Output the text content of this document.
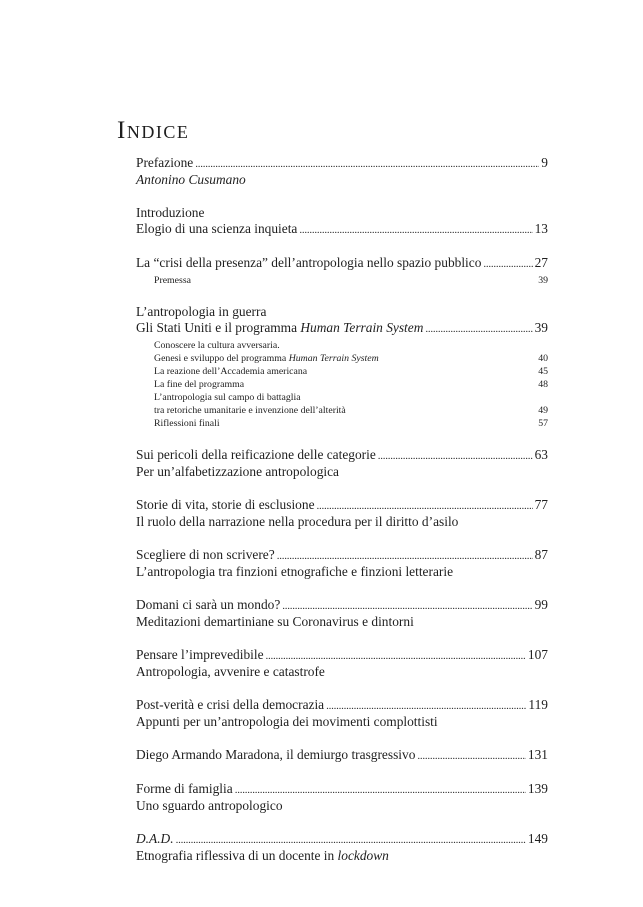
Indice
Prefazione . . .	9
Antonino Cusumano
Introduzione
Elogio di una scienza inquieta . . .	13
La “crisi della presenza” dell’antropologia nello spazio pubblico . . .	27
Premessa	39
L’antropologia in guerra
Gli Stati Uniti e il programma Human Terrain System . . .	39
Conoscere la cultura avversaria.
Genesi e sviluppo del programma Human Terrain System	40
La reazione dell’Accademia americana	45
La fine del programma	48
L’antropologia sul campo di battaglia
tra retoriche umanitarie e invenzione dell’alterità	49
Riflessioni finali	57
Sui pericoli della reificazione delle categorie . . .	63
Per un’alfabetizzazione antropologica
Storie di vita, storie di esclusione . . .	77
Il ruolo della narrazione nella procedura per il diritto d’asilo
Scegliere di non scrivere? . . .	87
L’antropologia tra finzioni etnografiche e finzioni letterarie
Domani ci sarà un mondo? . . .	99
Meditazioni demartiniane su Coronavirus e dintorni
Pensare l’imprevedibile . . .	107
Antropologia, avvenire e catastrofe
Post-verità e crisi della democrazia . . .	119
Appunti per un’antropologia dei movimenti complottisti
Diego Armando Maradona, il demiurgo trasgressivo . . .	131
Forme di famiglia . . .	139
Uno sguardo antropologico
D.A.D. . . .	149
Etnografia riflessiva di un docente in lockdown
